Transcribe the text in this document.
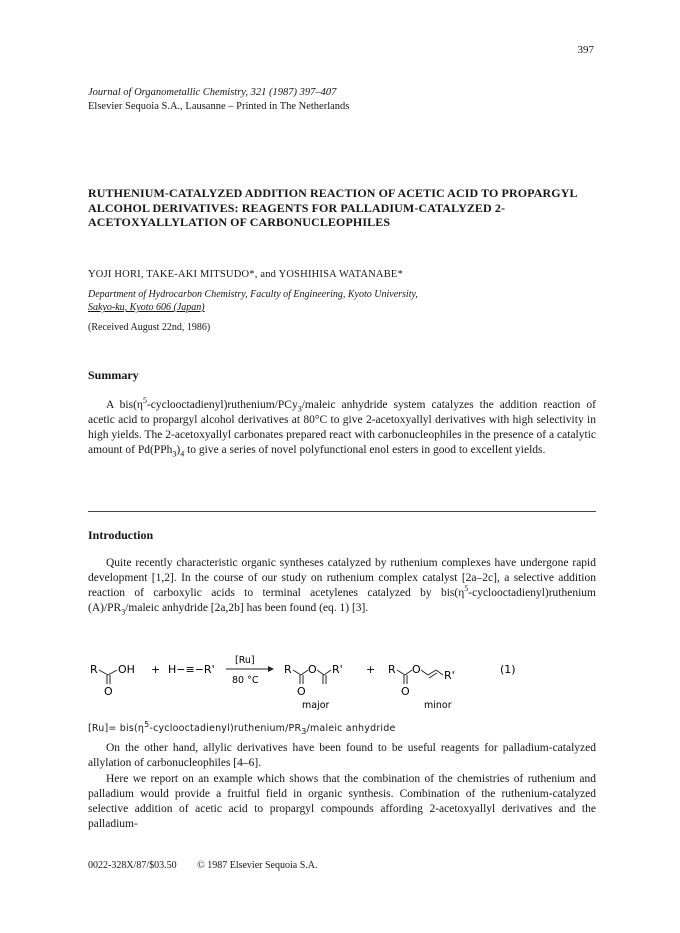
397
Journal of Organometallic Chemistry, 321 (1987) 397–407
Elsevier Sequoia S.A., Lausanne – Printed in The Netherlands
RUTHENIUM-CATALYZED ADDITION REACTION OF ACETIC ACID TO PROPARGYL ALCOHOL DERIVATIVES: REAGENTS FOR PALLADIUM-CATALYZED 2-ACETOXYALLYLATION OF CARBONUCLEOPHILES
YOJI HORI, TAKE-AKI MITSUDO*, and YOSHIHISA WATANABE*
Department of Hydrocarbon Chemistry, Faculty of Engineering, Kyoto University,
Sakyo-ku, Kyoto 606 (Japan)
(Received August 22nd, 1986)
Summary
A $bis(\eta^5-cyclooctadienyl)ruthenium/PCy_3$/maleic anhydride system catalyzes the addition reaction of acetic acid to propargyl alcohol derivatives at 80°C to give 2-acetoxyallyl derivatives with high selectivity in high yields. The 2-acetoxyallyl carbonates prepared react with carbonucleophiles in the presence of a catalytic amount of $Pd(PPh_3)_4$ to give a series of novel polyfunctional enol esters in good to excellent yields.
Introduction
Quite recently characteristic organic syntheses catalyzed by ruthenium complexes have undergone rapid development [1,2]. In the course of our study on ruthenium complex catalyst [2a–2c], a selective addition reaction of carboxylic acids to terminal acetylenes catalyzed by $bis(\eta^5-cyclooctadienyl)ruthenium$ $(A)/PR_3$/maleic anhydride [2a,2b] has been found (eq. 1) [3].
R
O
OH + H−≡−R'
[Ru]
80 °C
R
O
O R'
major
+ R
O
O R'
minor
(1)
$[Ru]= bis(\eta^5-cyclooctadienyl)ruthenium/PR_3$/maleic anhydride
On the other hand, allylic derivatives have been found to be useful reagents for palladium-catalyzed allylation of carbonucleophiles [4–6].
Here we report on an example which shows that the combination of the chemistries of ruthenium and palladium would provide a fruitful field in organic synthesis. Combination of the ruthenium-catalyzed selective addition of acetic acid to propargyl compounds affording 2-acetoxyallyl derivatives and the palladium-
0022-328X/87/$03.50 © 1987 Elsevier Sequoia S.A.
